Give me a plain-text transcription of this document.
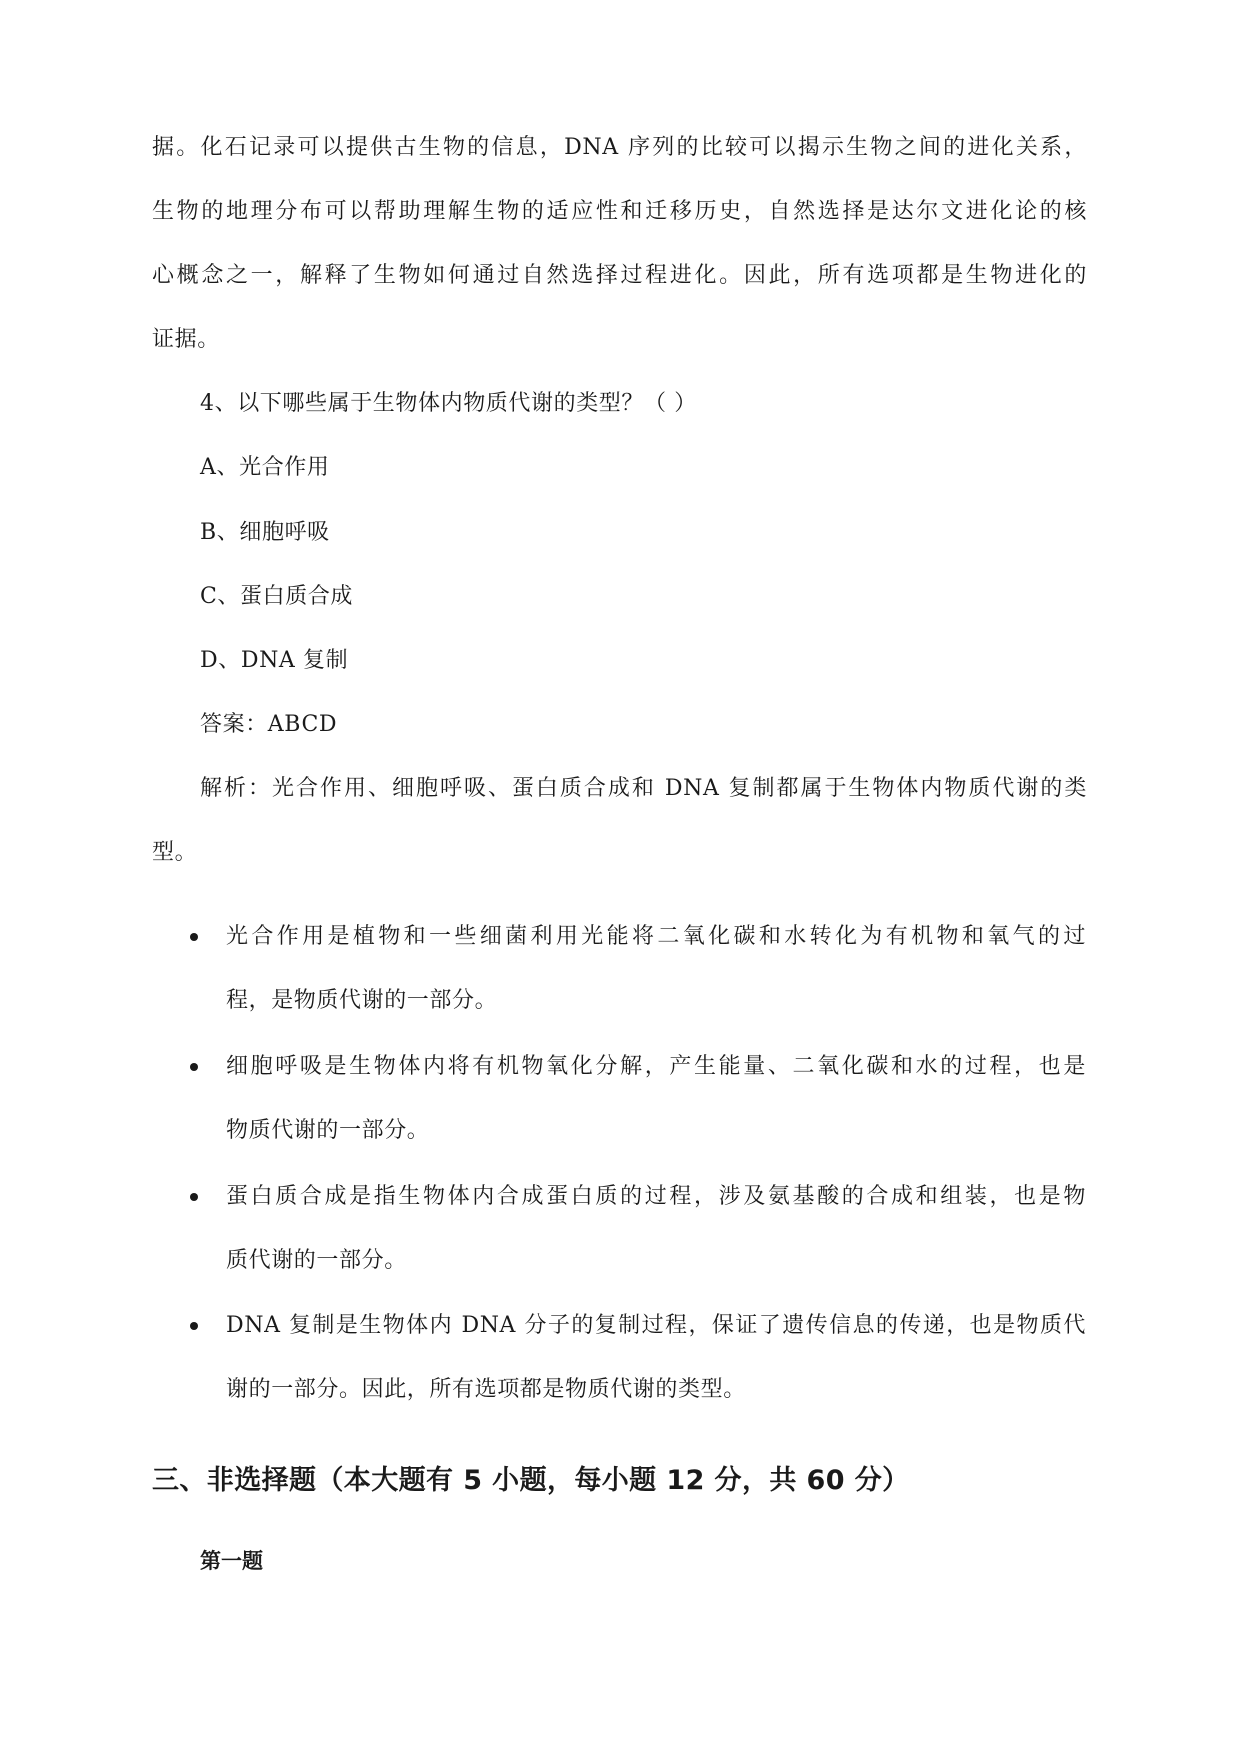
据。化石记录可以提供古生物的信息，DNA 序列的比较可以揭示生物之间的进化关系，
生物的地理分布可以帮助理解生物的适应性和迁移历史，自然选择是达尔文进化论的核
心概念之一，解释了生物如何通过自然选择过程进化。因此，所有选项都是生物进化的
证据。
4、以下哪些属于生物体内物质代谢的类型？（ ）
A、光合作用
B、细胞呼吸
C、蛋白质合成
D、DNA 复制
答案：ABCD
解析：光合作用、细胞呼吸、蛋白质合成和 DNA 复制都属于生物体内物质代谢的类
型。
光合作用是植物和一些细菌利用光能将二氧化碳和水转化为有机物和氧气的过
程，是物质代谢的一部分。
细胞呼吸是生物体内将有机物氧化分解，产生能量、二氧化碳和水的过程，也是
物质代谢的一部分。
蛋白质合成是指生物体内合成蛋白质的过程，涉及氨基酸的合成和组装，也是物
质代谢的一部分。
DNA 复制是生物体内 DNA 分子的复制过程，保证了遗传信息的传递，也是物质代
谢的一部分。因此，所有选项都是物质代谢的类型。
三、非选择题（本大题有 5 小题，每小题 12 分，共 60 分）
第一题
